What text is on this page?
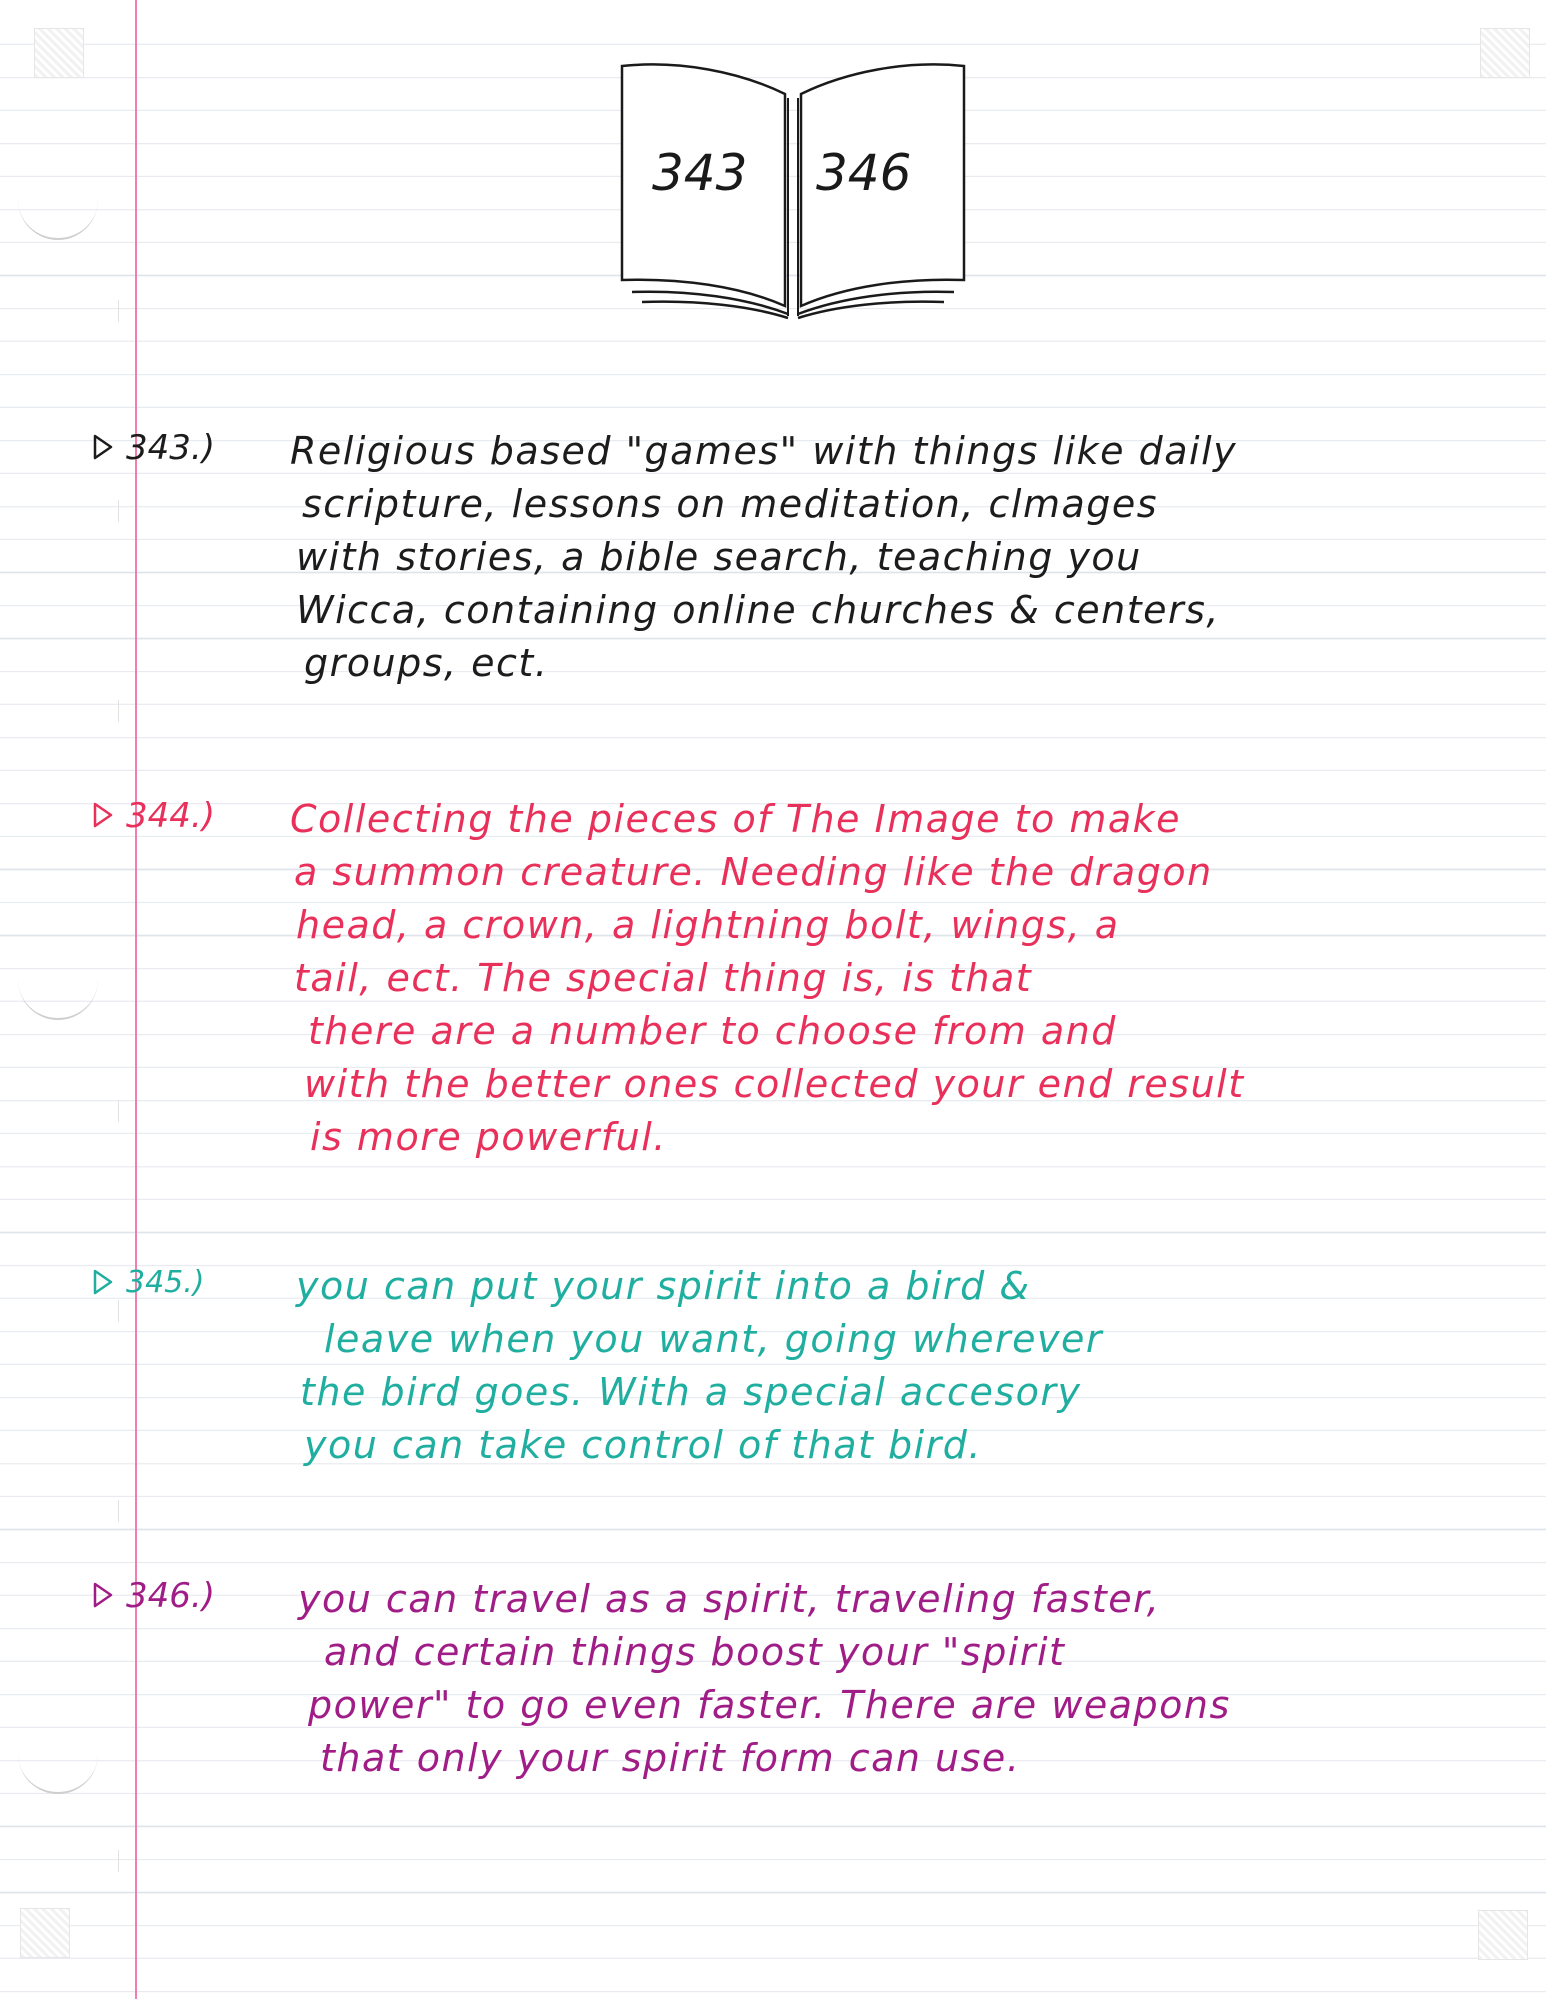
343 346
343.) Religious based "games" with things like daily
scripture, lessons on meditation, clmages
with stories, a bible search, teaching you
Wicca, containing online churches & centers,
groups, ect.
344.) Collecting the pieces of The Image to make
a summon creature. Needing like the dragon
head, a crown, a lightning bolt, wings, a
tail, ect. The special thing is, is that
there are a number to choose from and
with the better ones collected your end result
is more powerful.
345.) you can put your spirit into a bird &
leave when you want, going wherever
the bird goes. With a special accesory
you can take control of that bird.
346.) you can travel as a spirit, traveling faster,
and certain things boost your "spirit
power" to go even faster. There are weapons
that only your spirit form can use.
